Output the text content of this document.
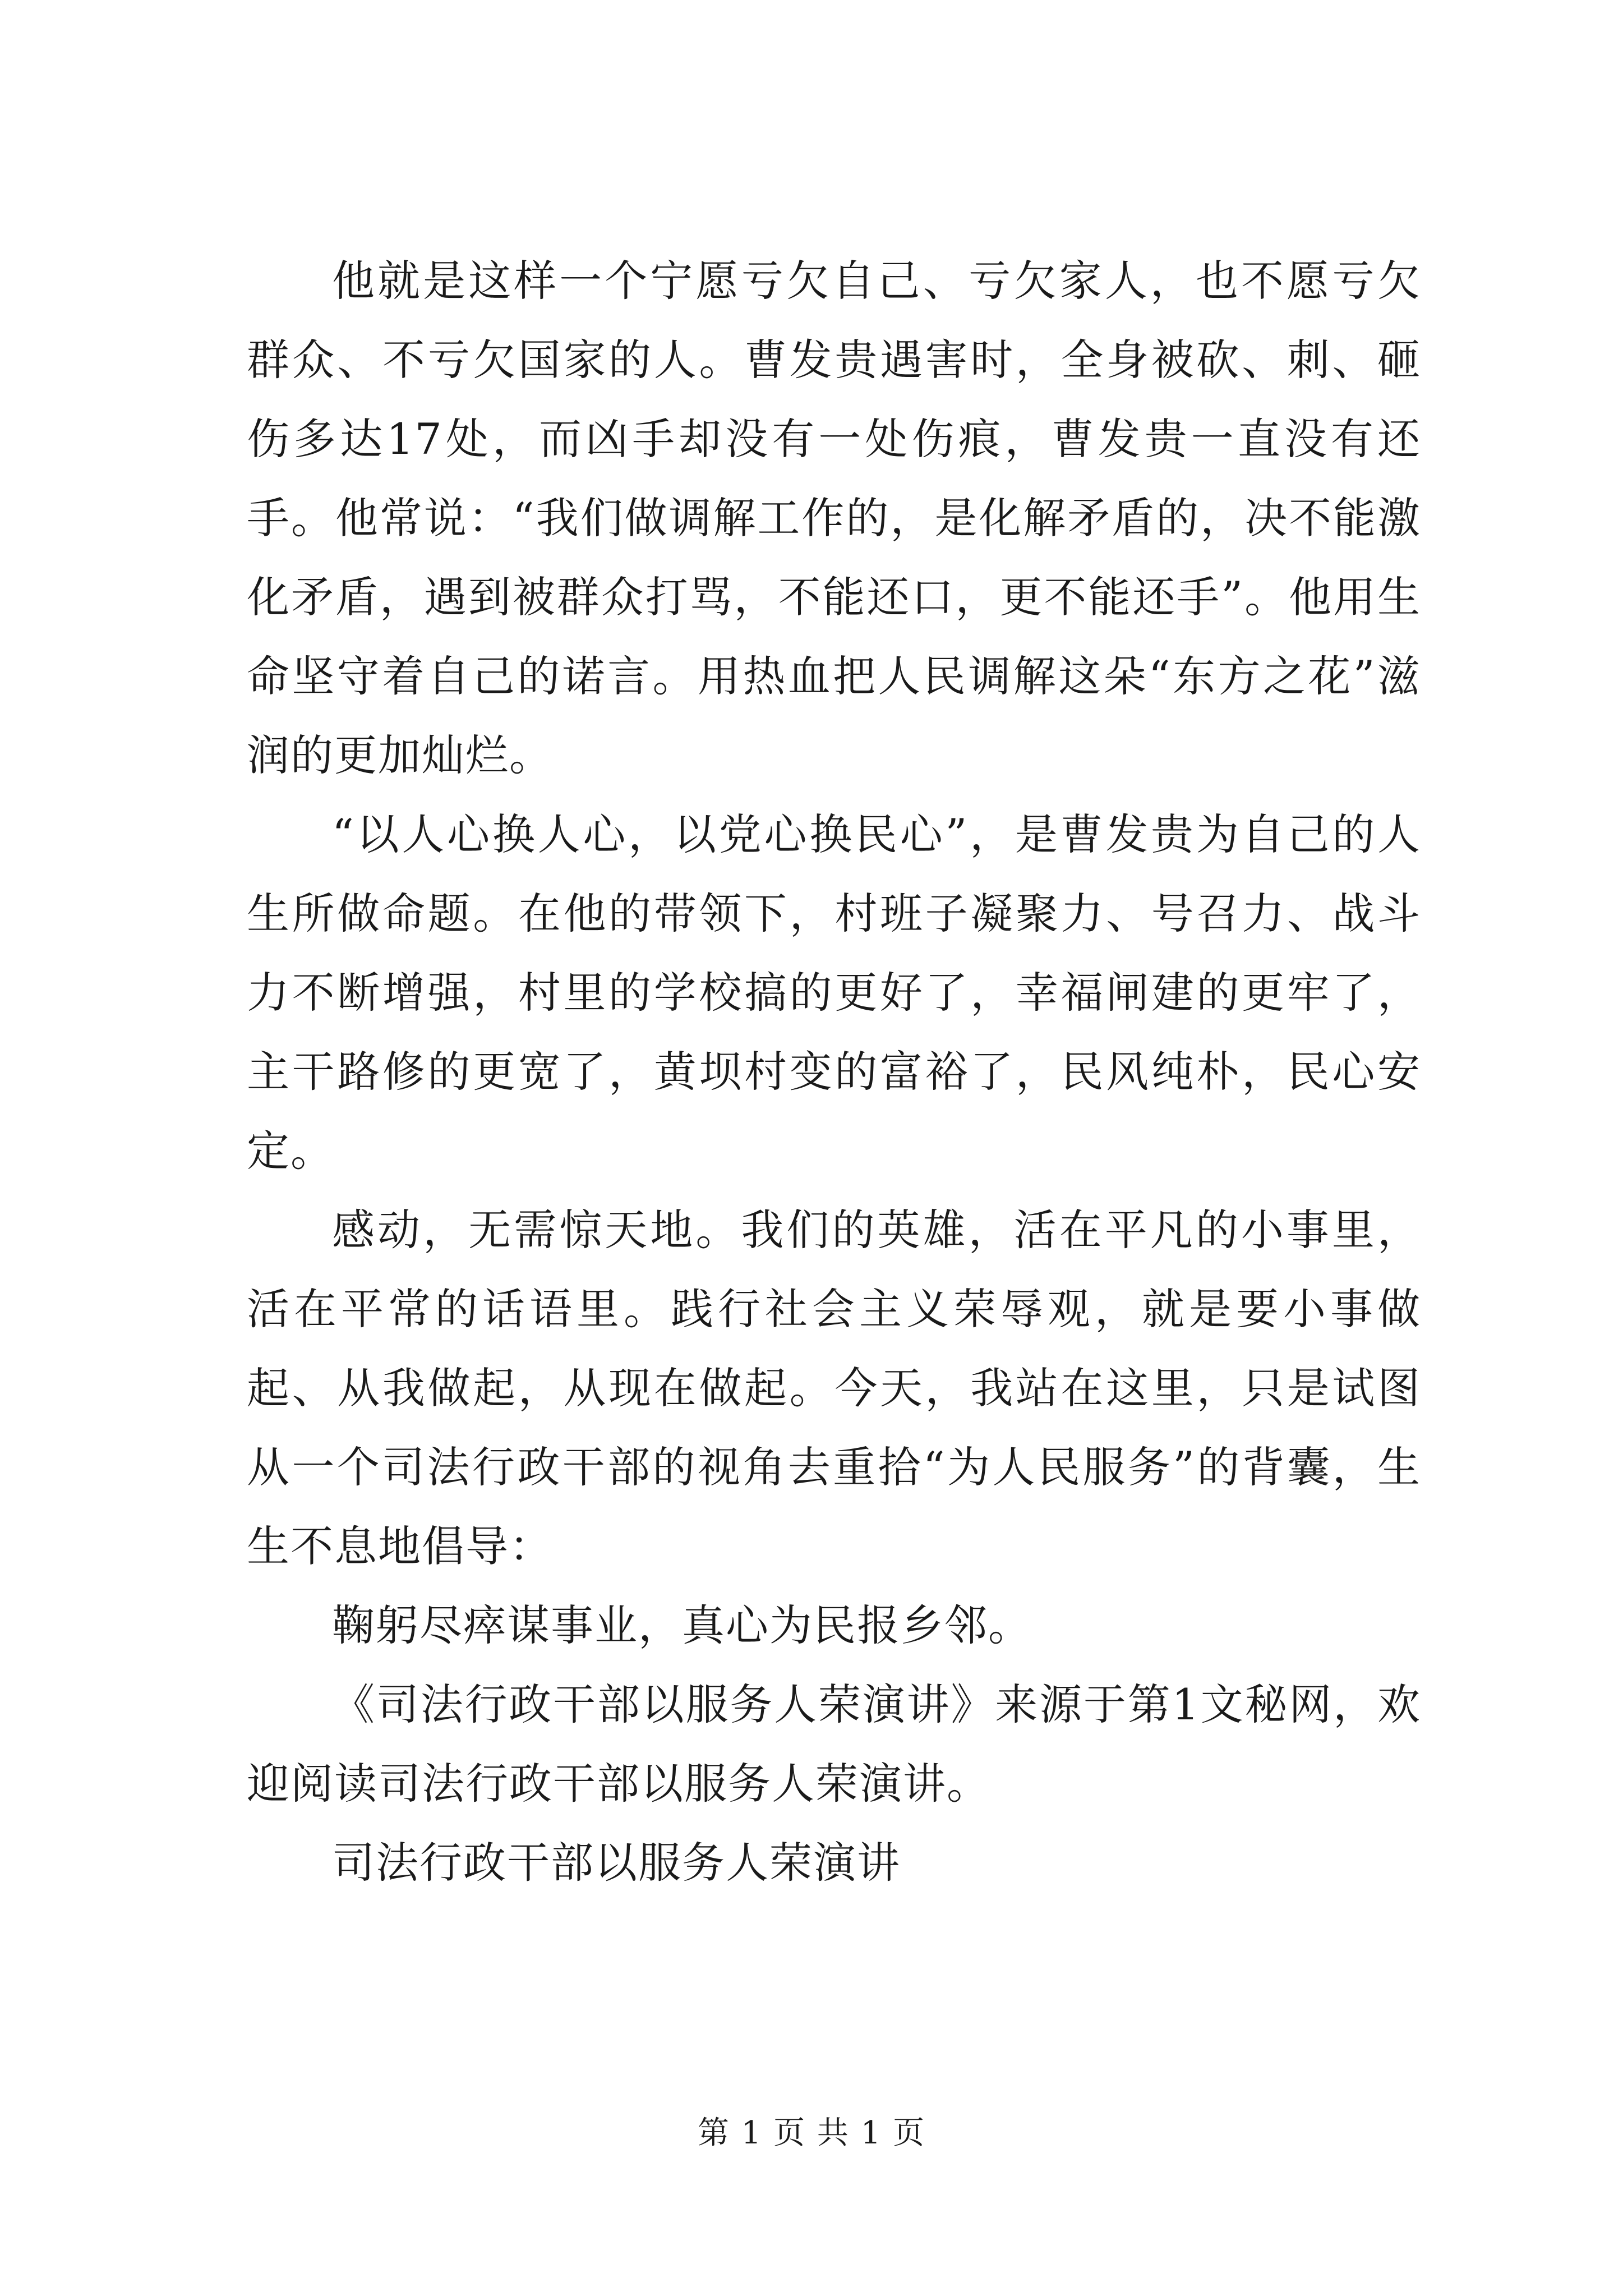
他就是这样一个宁愿亏欠自己、亏欠家人，也不愿亏欠群众、不亏欠国家的人。曹发贵遇害时，全身被砍、刺、砸伤多达17处，而凶手却没有一处伤痕，曹发贵一直没有还手。他常说：“我们做调解工作的，是化解矛盾的，决不能激化矛盾，遇到被群众打骂，不能还口，更不能还手”。他用生命坚守着自己的诺言。用热血把人民调解这朵“东方之花”滋润的更加灿烂。

“以人心换人心，以党心换民心”，是曹发贵为自己的人生所做命题。在他的带领下，村班子凝聚力、号召力、战斗力不断增强，村里的学校搞的更好了，幸福闸建的更牢了，主干路修的更宽了，黄坝村变的富裕了，民风纯朴，民心安定。

感动，无需惊天地。我们的英雄，活在平凡的小事里，活在平常的话语里。践行社会主义荣辱观，就是要小事做起、从我做起，从现在做起。今天，我站在这里，只是试图从一个司法行政干部的视角去重拾“为人民服务”的背囊，生生不息地倡导：

鞠躬尽瘁谋事业，真心为民报乡邻。

《司法行政干部以服务人荣演讲》来源于第1文秘网，欢迎阅读司法行政干部以服务人荣演讲。

司法行政干部以服务人荣演讲

第 1 页 共 1 页
